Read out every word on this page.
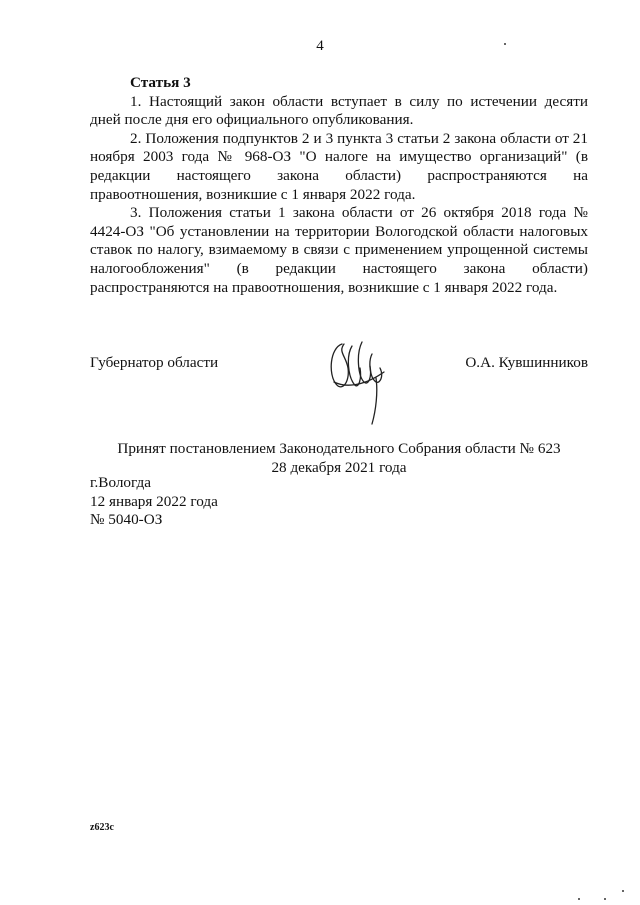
4
Статья 3

1. Настоящий закон области вступает в силу по истечении десяти дней после дня его официального опубликования.

2. Положения подпунктов 2 и 3 пункта 3 статьи 2 закона области от 21 ноября 2003 года № 968-ОЗ "О налоге на имущество организаций" (в редакции настоящего закона области) распространяются на правоотношения, возникшие с 1 января 2022 года.

3. Положения статьи 1 закона области от 26 октября 2018 года № 4424-ОЗ "Об установлении на территории Вологодской области налоговых ставок по налогу, взимаемому в связи с применением упрощенной системы налогообложения" (в редакции настоящего закона области) распространяются на правоотношения, возникшие с 1 января 2022 года.

Губернатор области	О.А. Кувшинников
Принят постановлением Законодательного Собрания области № 623
28 декабря 2021 года
г.Вологда
12 января 2022 года
№ 5040-ОЗ
z623c
